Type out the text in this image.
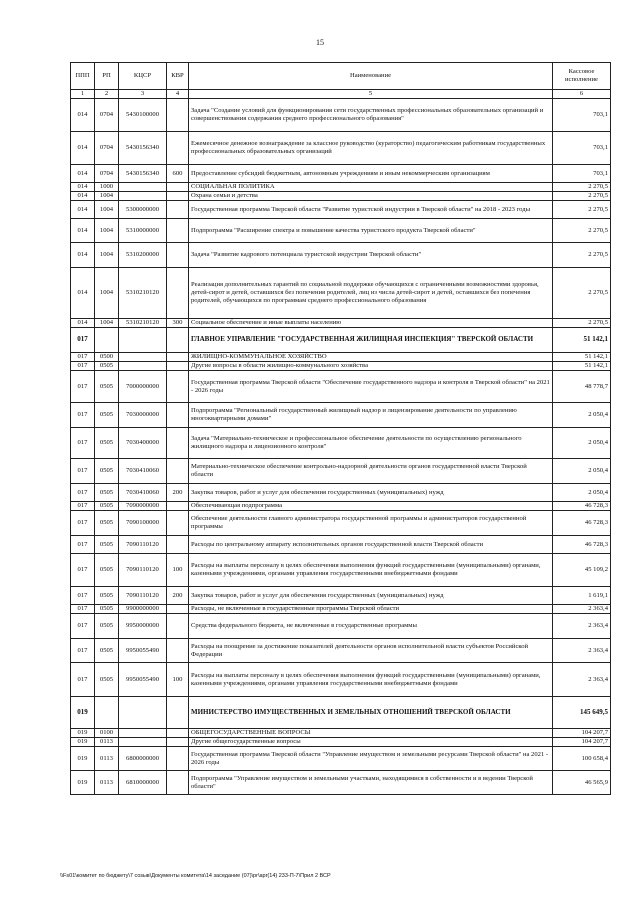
15
ППП	РП	КЦСР	КВР	Наименование	Кассовое исполнение
1	2	3	4	5	6
014	0704	5430100000		Задача "Создание условий для функционирования сети государственных профессиональных образовательных организаций и совершенствования содержания среднего профессионального образования"	703,1
014	0704	5430156340		Ежемесячное денежное вознаграждение за классное руководство (кураторство) педагогическим работникам государственных профессиональных образовательных организаций	703,1
014	0704	5430156340	600	Предоставление субсидий бюджетным, автономным учреждениям и иным некоммерческим организациям	703,1
014	1000			СОЦИАЛЬНАЯ ПОЛИТИКА	2 270,5
014	1004			Охрана семьи и детства	2 270,5
014	1004	5300000000		Государственная программа Тверской области "Развитие туристской индустрии в Тверской области" на 2018 - 2023 годы	2 270,5
014	1004	5310000000		Подпрограмма "Расширение спектра и повышение качества туристского продукта Тверской области"	2 270,5
014	1004	5310200000		Задача "Развитие кадрового потенциала туристской индустрии Тверской области"	2 270,5
014	1004	5310210120		Реализация дополнительных гарантий по социальной поддержке обучающихся с ограниченными возможностями здоровья, детей-сирот и детей, оставшихся без попечения родителей, лиц из числа детей-сирот и детей, оставшихся без попечения родителей, обучающихся по программам среднего профессионального образования	2 270,5
014	1004	5310210120	300	Социальное обеспечение и иные выплаты населению	2 270,5
017				ГЛАВНОЕ УПРАВЛЕНИЕ "ГОСУДАРСТВЕННАЯ ЖИЛИЩНАЯ ИНСПЕКЦИЯ" ТВЕРСКОЙ ОБЛАСТИ	51 142,1
017	0500			ЖИЛИЩНО-КОММУНАЛЬНОЕ ХОЗЯЙСТВО	51 142,1
017	0505			Другие вопросы в области жилищно-коммунального хозяйства	51 142,1
017	0505	7000000000		Государственная программа Тверской области "Обеспечение государственного надзора и контроля в Тверской области" на 2021 - 2026 годы	48 778,7
017	0505	7030000000		Подпрограмма "Региональный государственный жилищный надзор и лицензирование деятельности по управлению многоквартирными домами"	2 050,4
017	0505	7030400000		Задача "Материально-техническое и профессиональное обеспечение деятельности по осуществлению регионального жилищного надзора и лицензионного контроля"	2 050,4
017	0505	7030410060		Материально-техническое обеспечение контрольно-надзорной деятельности органов государственной власти Тверской области	2 050,4
017	0505	7030410060	200	Закупка товаров, работ и услуг для обеспечения государственных (муниципальных) нужд	2 050,4
017	0505	7090000000		Обеспечивающая подпрограмма	46 728,3
017	0505	7090100000		Обеспечение деятельности главного администратора государственной программы и администраторов государственной программы	46 728,3
017	0505	7090110120		Расходы по центральному аппарату исполнительных органов государственной власти Тверской области	46 728,3
017	0505	7090110120	100	Расходы на выплаты персоналу в целях обеспечения выполнения функций государственными (муниципальными) органами, казенными учреждениями, органами управления государственными внебюджетными фондами	45 109,2
017	0505	7090110120	200	Закупка товаров, работ и услуг для обеспечения государственных (муниципальных) нужд	1 619,1
017	0505	9900000000		Расходы, не включенные в государственные программы Тверской области	2 363,4
017	0505	9950000000		Средства федерального бюджета, не включенные в государственные программы	2 363,4
017	0505	9950055490		Расходы на поощрение за достижение показателей деятельности органов исполнительной власти субъектов Российской Федерации	2 363,4
017	0505	9950055490	100	Расходы на выплаты персоналу в целях обеспечения выполнения функций государственными (муниципальными) органами, казенными учреждениями, органами управления государственными внебюджетными фондами	2 363,4
019				МИНИСТЕРСТВО ИМУЩЕСТВЕННЫХ И ЗЕМЕЛЬНЫХ ОТНОШЕНИЙ ТВЕРСКОЙ ОБЛАСТИ	145 649,5
019	0100			ОБЩЕГОСУДАРСТВЕННЫЕ ВОПРОСЫ	104 207,7
019	0113			Другие общегосударственные вопросы	104 207,7
019	0113	6800000000		Государственная программа Тверской области "Управление имуществом и земельными ресурсами Тверской области" на 2021 - 2026 годы	100 658,4
019	0113	6810000000		Подпрограмма "Управление имуществом и земельными участками, находящимися в собственности и в ведении Тверской области"	46 565,9
\\Fs01\комитет по бюджету\7 созыв\Документы комитета\14 заседание (07)\pr\apr(14) 233-П-7\Прил 2 ВСР
